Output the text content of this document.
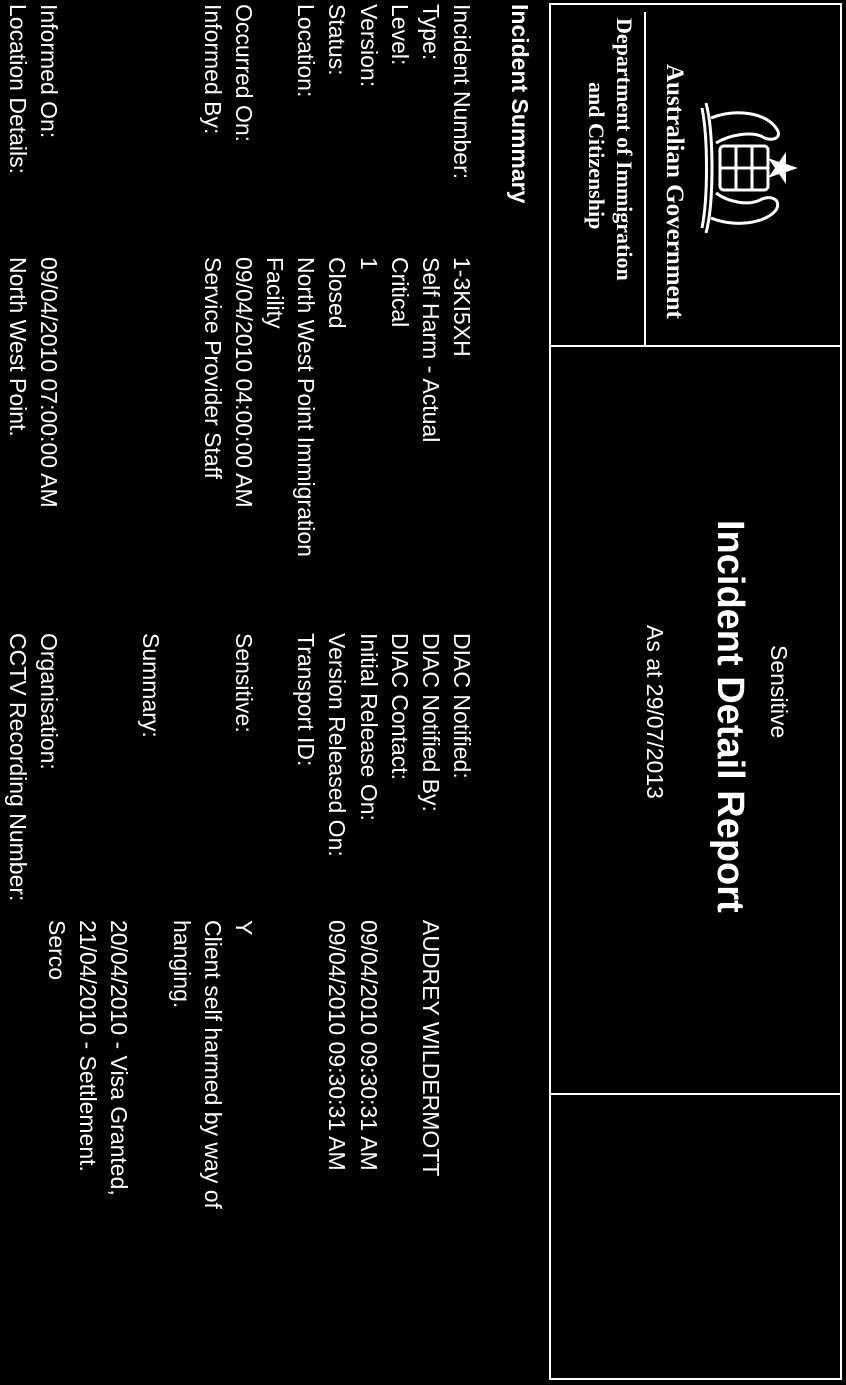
Australian Government
Department of Immigration
and Citizenship
Sensitive
Incident Detail Report
As at 29/07/2013
Incident Summary
Incident Number:
Type:
Level:
Version:
Status:
Location:
Occurred On:
Informed By:
Informed On:
Location Details:
1-3KI5XH
Self Harm - Actual
Critical
1
Closed
North West Point Immigration
Facility
09/04/2010 04:00:00 AM
Service Provider Staff
09/04/2010 07:00:00 AM
North West Point.
DIAC Notified:
DIAC Notified By:
DIAC Contact:
Initial Release On:
Version Released On:
Transport ID:
Sensitive:
Summary:
Organisation:
CCTV Recording Number:
AUDREY WILDERMOTT
09/04/2010 09:30:31 AM
09/04/2010 09:30:31 AM
Y
Client self harmed by way of
hanging.
20/04/2010 - Visa Granted,
21/04/2010 - Settlement.
Serco
